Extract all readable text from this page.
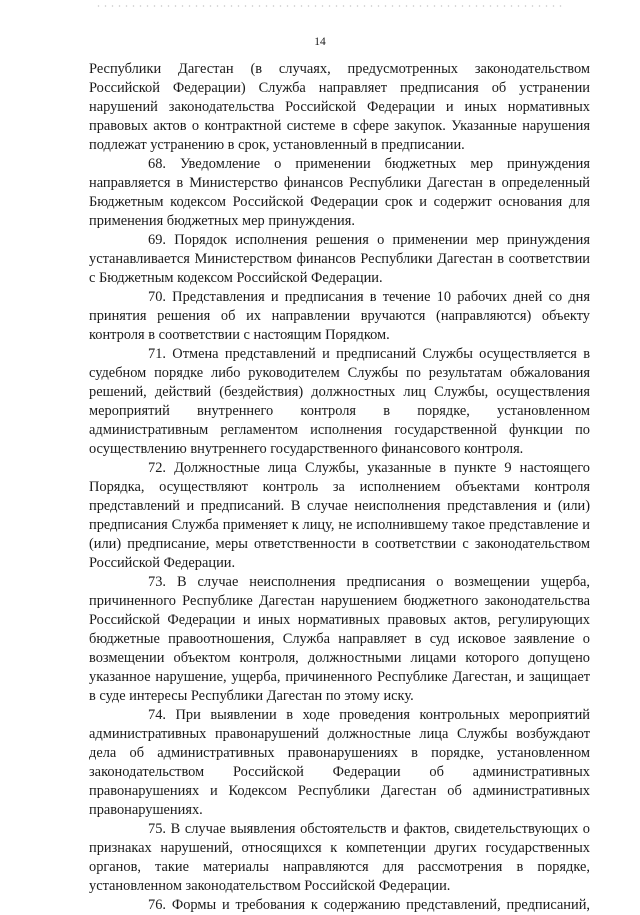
14

Республики Дагестан (в случаях, предусмотренных законодательством Российской Федерации) Служба направляет предписания об устранении нарушений законодательства Российской Федерации и иных нормативных правовых актов о контрактной системе в сфере закупок. Указанные нарушения подлежат устранению в срок, установленный в предписании.

68. Уведомление о применении бюджетных мер принуждения направляется в Министерство финансов Республики Дагестан в определенный Бюджетным кодексом Российской Федерации срок и содержит основания для применения бюджетных мер принуждения.

69. Порядок исполнения решения о применении мер принуждения устанавливается Министерством финансов Республики Дагестан в соответствии с Бюджетным кодексом Российской Федерации.

70. Представления и предписания в течение 10 рабочих дней со дня принятия решения об их направлении вручаются (направляются) объекту контроля в соответствии с настоящим Порядком.

71. Отмена представлений и предписаний Службы осуществляется в судебном порядке либо руководителем Службы по результатам обжалования решений, действий (бездействия) должностных лиц Службы, осуществления мероприятий внутреннего контроля в порядке, установленном административным регламентом исполнения государственной функции по осуществлению внутреннего государственного финансового контроля.

72. Должностные лица Службы, указанные в пункте 9 настоящего Порядка, осуществляют контроль за исполнением объектами контроля представлений и предписаний. В случае неисполнения представления и (или) предписания Служба применяет к лицу, не исполнившему такое представление и (или) предписание, меры ответственности в соответствии с законодательством Российской Федерации.

73. В случае неисполнения предписания о возмещении ущерба, причиненного Республике Дагестан нарушением бюджетного законодательства Российской Федерации и иных нормативных правовых актов, регулирующих бюджетные правоотношения, Служба направляет в суд исковое заявление о возмещении объектом контроля, должностными лицами которого допущено указанное нарушение, ущерба, причиненного Республике Дагестан, и защищает в суде интересы Республики Дагестан по этому иску.

74. При выявлении в ходе проведения контрольных мероприятий административных правонарушений должностные лица Службы возбуждают дела об административных правонарушениях в порядке, установленном законодательством Российской Федерации об административных правонарушениях и Кодексом Республики Дагестан об административных правонарушениях.

75. В случае выявления обстоятельств и фактов, свидетельствующих о признаках нарушений, относящихся к компетенции других государственных органов, такие материалы направляются для рассмотрения в порядке, установленном законодательством Российской Федерации.

76. Формы и требования к содержанию представлений, предписаний,
